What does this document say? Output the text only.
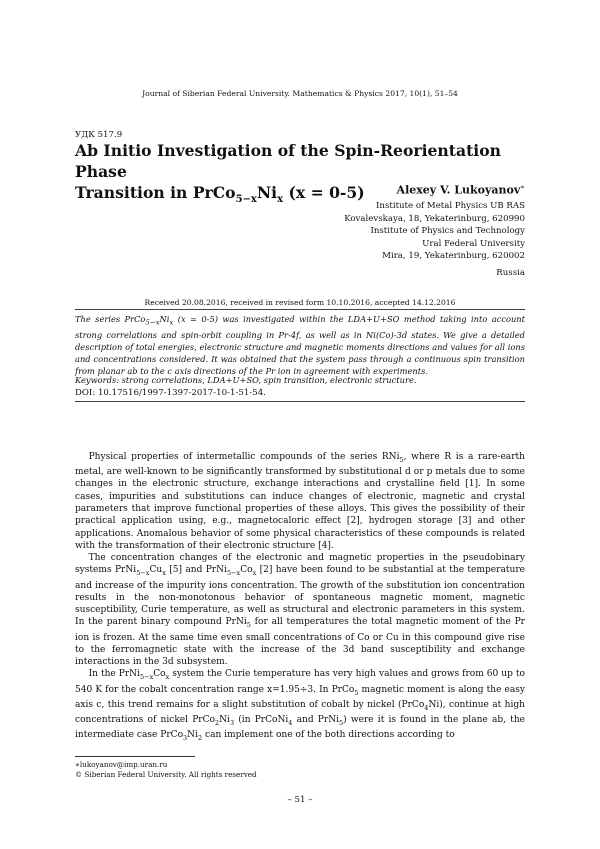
Journal of Siberian Federal University. Mathematics & Physics 2017, 10(1), 51–54
УДК 517.9
Ab Initio Investigation of the Spin-Reorientation Phase
Transition in $PrCo_{5-x}Ni_x$ (x = 0-5)	Alexey V. Lukoyanov∗
Institute of Metal Physics UB RAS
Kovalevskaya, 18, Yekaterinburg, 620990
Institute of Physics and Technology
Ural Federal University
Mira, 19, Yekaterinburg, 620002
Russia
Received 20.08.2016, received in revised form 10.10.2016, accepted 14.12.2016
The series $PrCo_{5-x}Ni_x$ (x = 0-5) was investigated within the LDA+U+SO method taking into account strong correlations and spin-orbit coupling in Pr-4f, as well as in Ni(Co)-3d states. We give a detailed description of total energies, electronic structure and magnetic moments directions and values for all ions and concentrations considered. It was obtained that the system pass through a continuous spin transition from planar ab to the c axis directions of the Pr ion in agreement with experiments.
Keywords: strong correlations, LDA+U+SO, spin transition, electronic structure.
DOI: 10.17516/1997-1397-2017-10-1-51-54.

Physical properties of intermetallic compounds of the series RNi$_5$, where R is a rare-earth metal, are well-known to be significantly transformed by substitutional d or p metals due to some changes in the electronic structure, exchange interactions and crystalline field [1]. In some cases, impurities and substitutions can induce changes of electronic, magnetic and crystal parameters that improve functional properties of these alloys. This gives the possibility of their practical application using, e.g., magnetocaloric effect [2], hydrogen storage [3] and other applications. Anomalous behavior of some physical characteristics of these compounds is related with the transformation of their electronic structure [4].

The concentration changes of the electronic and magnetic properties in the pseudobinary systems $PrNi_{5-x}Cu_x$ [5] and $PrNi_{5-x}Co_x$ [2] have been found to be substantial at the temperature and increase of the impurity ions concentration. The growth of the substitution ion concentration results in the non-monotonous behavior of spontaneous magnetic moment, magnetic susceptibility, Curie temperature, as well as structural and electronic parameters in this system. In the parent binary compound PrNi$_5$ for all temperatures the total magnetic moment of the Pr ion is frozen. At the same time even small concentrations of Co or Cu in this compound give rise to the ferromagnetic state with the increase of the 3d band susceptibility and exchange interactions in the 3d subsystem.

In the $PrNi_{5-x}Co_x$ system the Curie temperature has very high values and grows from 60 up to 540 K for the cobalt concentration range x=1.95÷3. In PrCo$_5$ magnetic moment is along the easy axis c, this trend remains for a slight substitution of cobalt by nickel (PrCo$_4$Ni), continue at high concentrations of nickel $PrCo_2Ni_3$ (in PrCoNi$_4$ and PrNi$_5$) were it is found in the plane ab, the intermediate case $PrCo_3Ni_2$ can implement one of the both directions according to

∗lukoyanov@imp.uran.ru
© Siberian Federal University. All rights reserved
– 51 –
